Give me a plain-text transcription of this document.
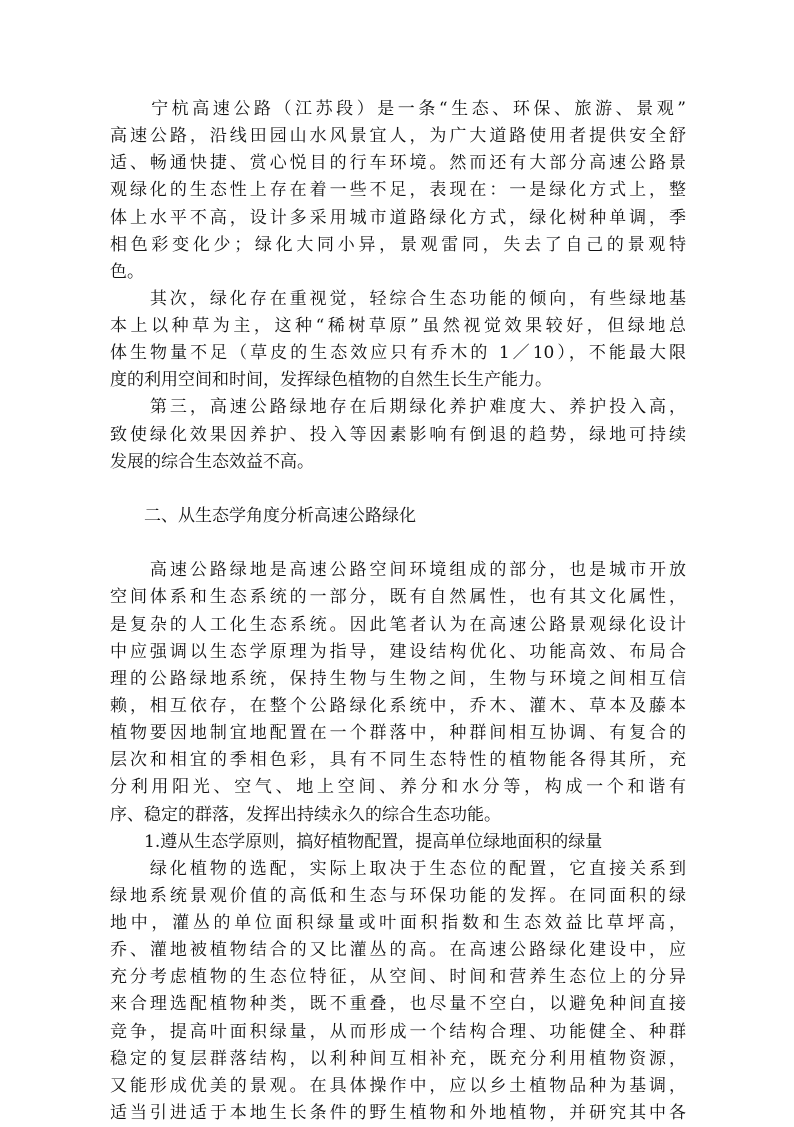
　　宁杭高速公路（江苏段）是一条“生态、环保、旅游、景观”
高速公路，沿线田园山水风景宜人，为广大道路使用者提供安全舒
适、畅通快捷、赏心悦目的行车环境。然而还有大部分高速公路景
观绿化的生态性上存在着一些不足，表现在：一是绿化方式上，整
体上水平不高，设计多采用城市道路绿化方式，绿化树种单调，季
相色彩变化少；绿化大同小异，景观雷同，失去了自己的景观特
色。
　　其次，绿化存在重视觉，轻综合生态功能的倾向，有些绿地基
本上以种草为主，这种“稀树草原”虽然视觉效果较好，但绿地总
体生物量不足（草皮的生态效应只有乔木的 1／10），不能最大限
度的利用空间和时间，发挥绿色植物的自然生长生产能力。
　　第三，高速公路绿地存在后期绿化养护难度大、养护投入高，
致使绿化效果因养护、投入等因素影响有倒退的趋势，绿地可持续
发展的综合生态效益不高。
　　二、从生态学角度分析高速公路绿化
　　高速公路绿地是高速公路空间环境组成的部分，也是城市开放
空间体系和生态系统的一部分，既有自然属性，也有其文化属性，
是复杂的人工化生态系统。因此笔者认为在高速公路景观绿化设计
中应强调以生态学原理为指导，建设结构优化、功能高效、布局合
理的公路绿地系统，保持生物与生物之间，生物与环境之间相互信
赖，相互依存，在整个公路绿化系统中，乔木、灌木、草本及藤本
植物要因地制宜地配置在一个群落中，种群间相互协调、有复合的
层次和相宜的季相色彩，具有不同生态特性的植物能各得其所，充
分利用阳光、空气、地上空间、养分和水分等，构成一个和谐有
序、稳定的群落，发挥出持续永久的综合生态功能。
　　1.遵从生态学原则，搞好植物配置，提高单位绿地面积的绿量
　　绿化植物的选配，实际上取决于生态位的配置，它直接关系到
绿地系统景观价值的高低和生态与环保功能的发挥。在同面积的绿
地中，灌丛的单位面积绿量或叶面积指数和生态效益比草坪高，
乔、灌地被植物结合的又比灌丛的高。在高速公路绿化建设中，应
充分考虑植物的生态位特征，从空间、时间和营养生态位上的分异
来合理选配植物种类，既不重叠，也尽量不空白，以避免种间直接
竞争，提高叶面积绿量，从而形成一个结构合理、功能健全、种群
稳定的复层群落结构，以利种间互相补充，既充分利用植物资源，
又能形成优美的景观。在具体操作中，应以乡土植物品种为基调，
适当引进适于本地生长条件的野生植物和外地植物，并研究其中各
